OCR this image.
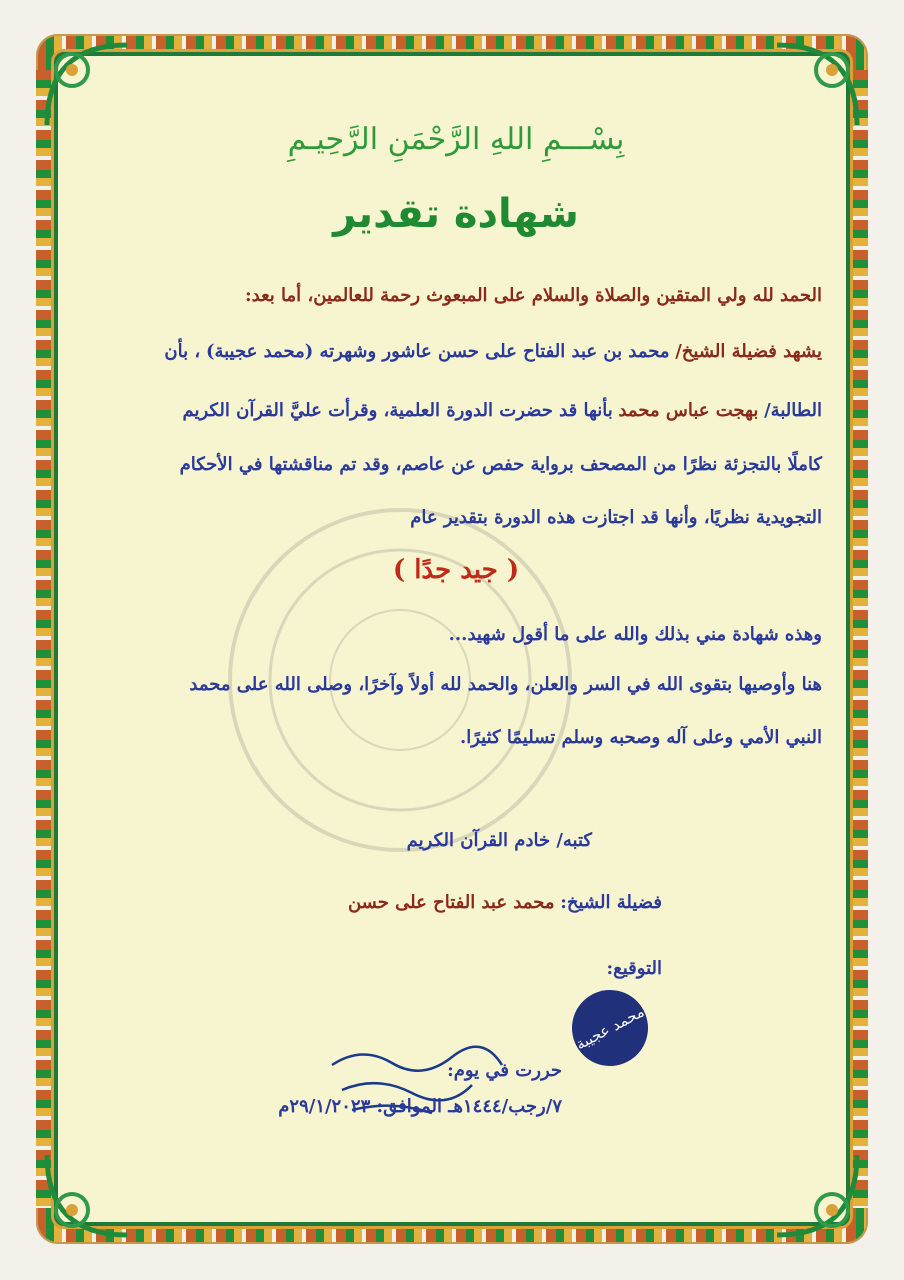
بِسْـــمِ اللهِ الرَّحْمَنِ الرَّحِيـمِ
شهادة تقدير

الحمد لله ولي المتقين والصلاة والسلام على المبعوث رحمة للعالمين، أما بعد:

يشهد فضيلة الشيخ/ محمد بن عبد الفتاح على حسن عاشور وشهرته (محمد عجيبة) ، بأن

الطالبة/ بهجت عباس محمد بأنها قد حضرت الدورة العلمية، وقرأت عليَّ القرآن الكريم

كاملًا بالتجزئة نظرًا من المصحف برواية حفص عن عاصم، وقد تم مناقشتها في الأحكام

التجويدية نظريًا، وأنها قد اجتازت هذه الدورة بتقدير عام

( جيد جدًا )

وهذه شهادة مني بذلك والله على ما أقول شهيد...

هنا وأوصيها بتقوى الله في السر والعلن، والحمد لله أولاً وآخرًا، وصلى الله على محمد

النبي الأمي وعلى آله وصحبه وسلم تسليمًا كثيرًا.

كتبه/ خادم القرآن الكريم
فضيلة الشيخ: محمد عبد الفتاح على حسن
التوقيع:
محمد عجيبة
حررت في يوم:
٧/رجب/١٤٤٤هـ الموافق: ٢٩/١/٢٠٢٣م
